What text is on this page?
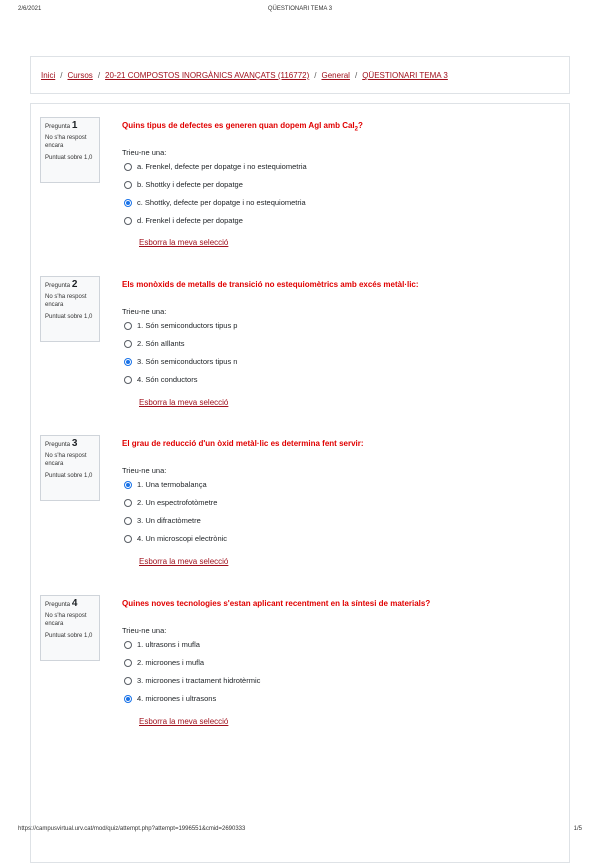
2/6/2021	QÜESTIONARI TEMA 3
Inici / Cursos / 20-21 COMPOSTOS INORGÀNICS AVANÇATS (116772) / General / QÜESTIONARI TEMA 3
Pregunta 1
No s'ha respost encara
Puntuat sobre 1,0
Quins tipus de defectes es generen quan dopem AgI amb CaI$_2$?
Trieu-ne una:
a. Frenkel, defecte per dopatge i no estequiometria
b. Shottky i defecte per dopatge
c. Shottky, defecte per dopatge i no estequiometria
d. Frenkel i defecte per dopatge
Esborra la meva selecció
Pregunta 2
No s'ha respost encara
Puntuat sobre 1,0
Els monòxids de metalls de transició no estequiomètrics amb excés metàl·lic:
Trieu-ne una:
1. Són semiconductors tipus p
2. Són aïllants
3. Són semiconductors tipus n
4. Són conductors
Esborra la meva selecció
Pregunta 3
No s'ha respost encara
Puntuat sobre 1,0
El grau de reducció d'un òxid metàl·lic es determina fent servir:
Trieu-ne una:
1. Una termobalança
2. Un espectrofotòmetre
3. Un difractòmetre
4. Un microscopi electrònic
Esborra la meva selecció
Pregunta 4
No s'ha respost encara
Puntuat sobre 1,0
Quines noves tecnologies s'estan aplicant recentment en la síntesi de materials?
Trieu-ne una:
1. ultrasons i mufla
2. microones i mufla
3. microones i tractament hidrotèrmic
4. microones i ultrasons
Esborra la meva selecció
https://campusvirtual.urv.cat/mod/quiz/attempt.php?attempt=1996551&cmid=2690333	1/5
